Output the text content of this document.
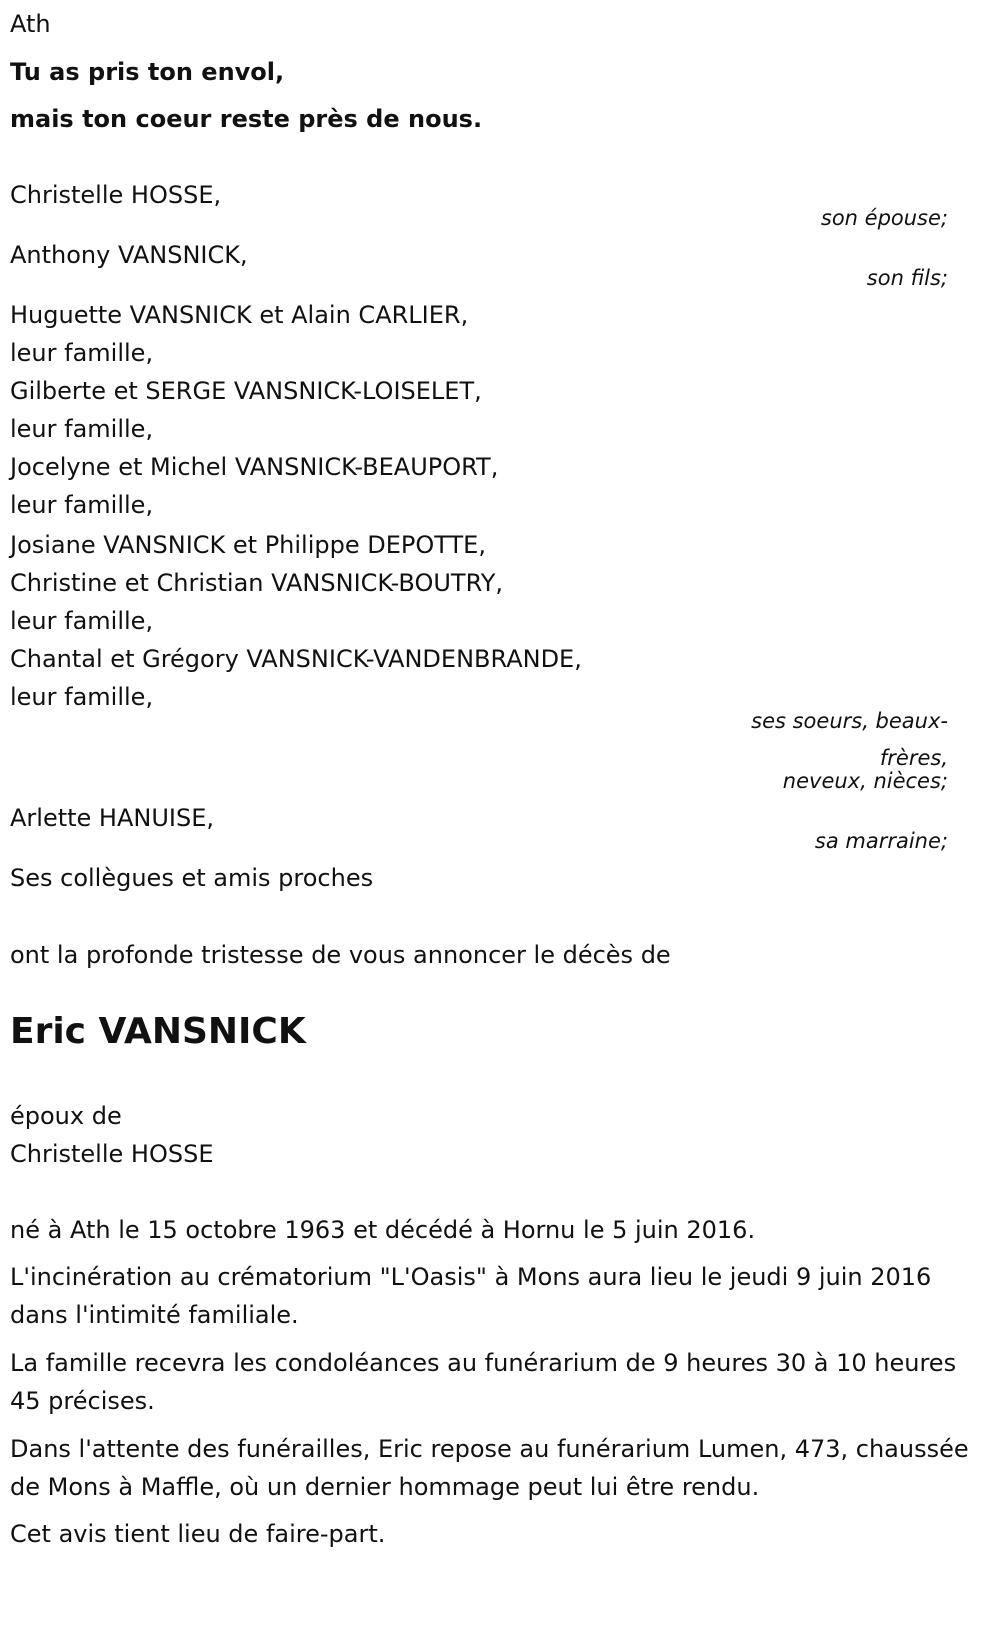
Ath
Tu as pris ton envol,
mais ton coeur reste près de nous.
Christelle HOSSE,
son épouse;
Anthony VANSNICK,
son fils;
Huguette VANSNICK et Alain CARLIER,
leur famille,
Gilberte et SERGE VANSNICK-LOISELET,
leur famille,
Jocelyne et Michel VANSNICK-BEAUPORT,
leur famille,
Josiane VANSNICK et Philippe DEPOTTE,
Christine et Christian VANSNICK-BOUTRY,
leur famille,
Chantal et Grégory VANSNICK-VANDENBRANDE,
leur famille,
ses soeurs, beaux-
frères,
neveux, nièces;
Arlette HANUISE,
sa marraine;
Ses collègues et amis proches
ont la profonde tristesse de vous annoncer le décès de
Eric VANSNICK
époux de
Christelle HOSSE
né à Ath le 15 octobre 1963 et décédé à Hornu le 5 juin 2016.
L'incinération au crématorium "L'Oasis" à Mons aura lieu le jeudi 9 juin 2016 dans l'intimité familiale.
La famille recevra les condoléances au funérarium de 9 heures 30 à 10 heures 45 précises.
Dans l'attente des funérailles, Eric repose au funérarium Lumen, 473, chaussée de Mons à Maffle, où un dernier hommage peut lui être rendu.
Cet avis tient lieu de faire-part.
